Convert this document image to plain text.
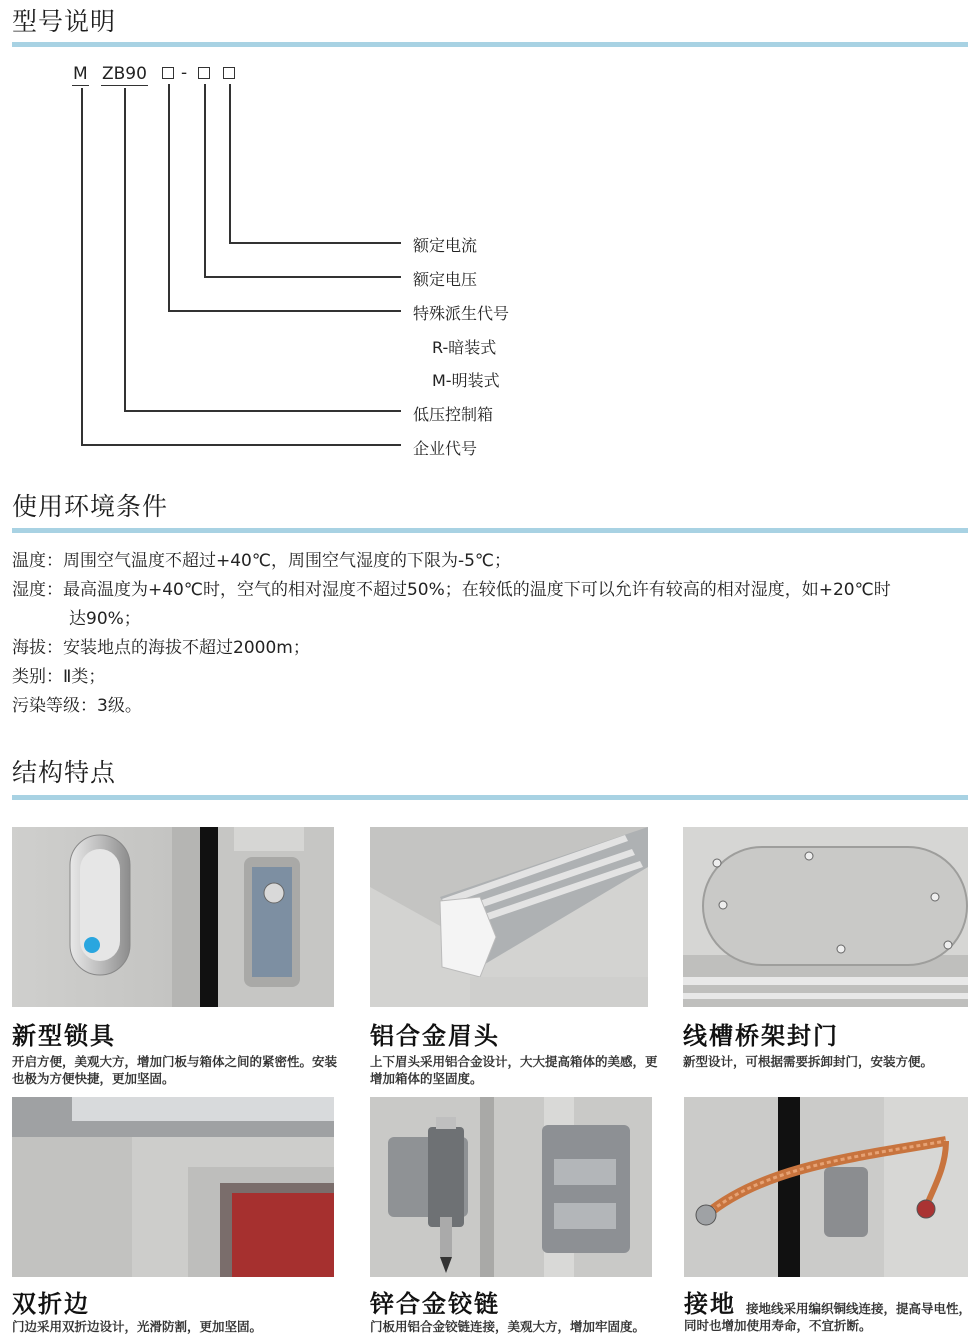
型号说明
M ZB90 -
额定电流
额定电压
特殊派生代号
R-暗装式
M-明装式
低压控制箱
企业代号
使用环境条件
温度：周围空气温度不超过+40℃，周围空气湿度的下限为-5℃；
湿度：最高温度为+40℃时，空气的相对湿度不超过50%；在较低的温度下可以允许有较高的相对湿度，如+20℃时
达90%；
海拔：安装地点的海拔不超过2000m；
类别：Ⅱ类；
污染等级：3级。
结构特点
新型锁具
开启方便，美观大方，增加门板与箱体之间的紧密性。安装也极为方便快捷，更加坚固。
铝合金眉头
上下眉头采用铝合金设计，大大提高箱体的美感，更增加箱体的坚固度。
线槽桥架封门
新型设计，可根据需要拆卸封门，安装方便。
双折边
门边采用双折边设计，光滑防割，更加坚固。
锌合金铰链
门板用铝合金铰链连接，美观大方，增加牢固度。
接地 接地线采用编织铜线连接，提高导电性，同时也增加使用寿命，不宜折断。
